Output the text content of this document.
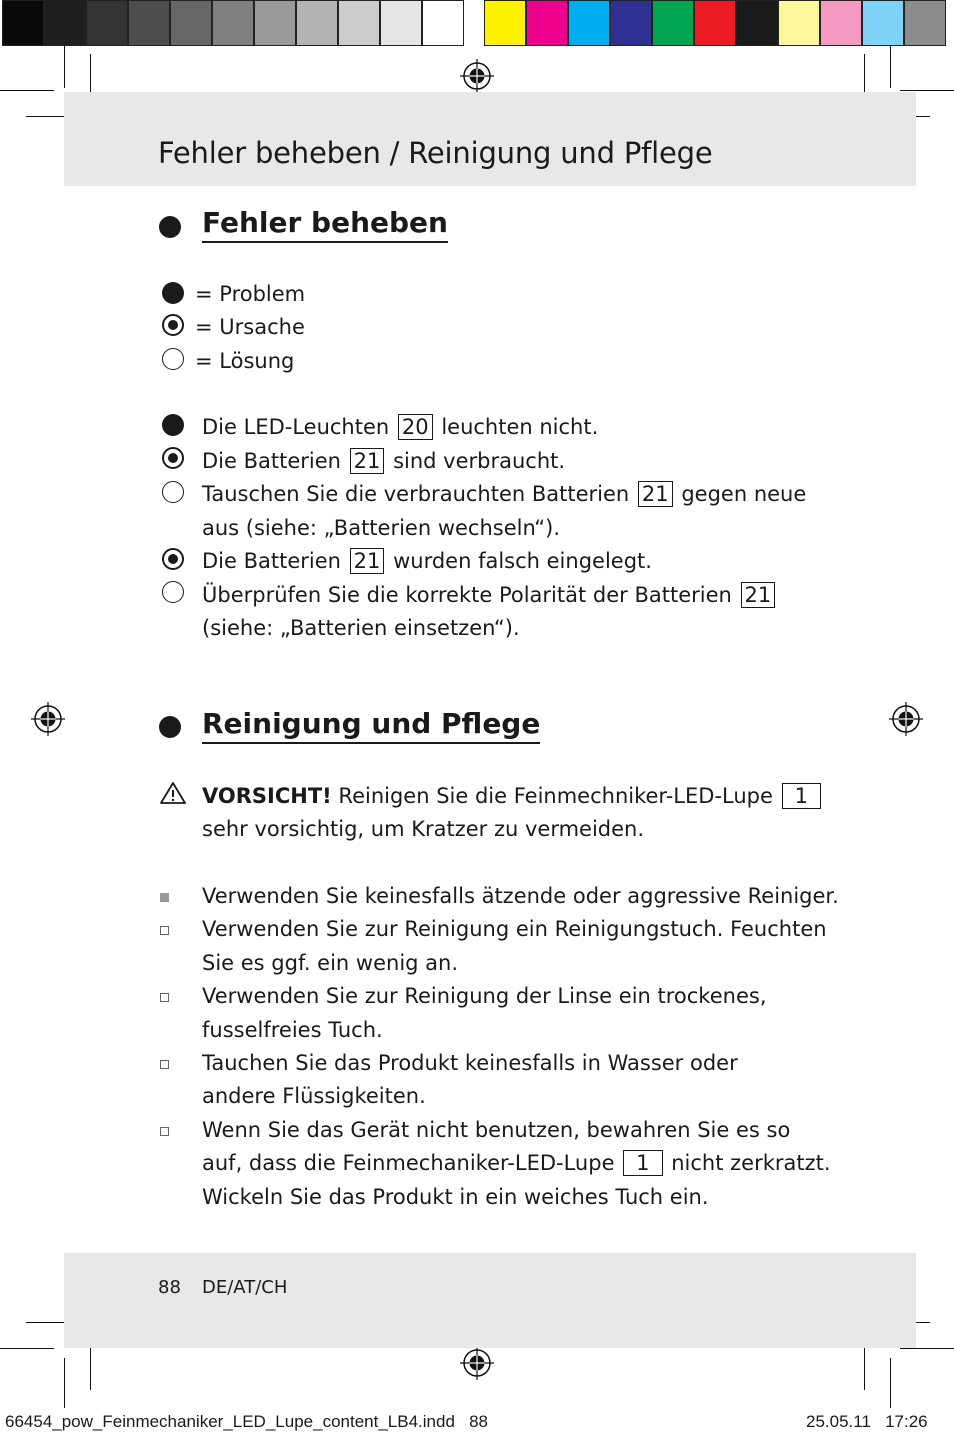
Fehler beheben / Reinigung und Pflege
Fehler beheben
= Problem
= Ursache
= Lösung
Die LED-Leuchten 20 leuchten nicht.
Die Batterien 21 sind verbraucht.
Tauschen Sie die verbrauchten Batterien 21 gegen neue
aus (siehe: „Batterien wechseln“).
Die Batterien 21 wurden falsch eingelegt.
Überprüfen Sie die korrekte Polarität der Batterien 21
(siehe: „Batterien einsetzen“).
Reinigung und Pflege
VORSICHT! Reinigen Sie die Feinmechniker-LED-Lupe 1
sehr vorsichtig, um Kratzer zu vermeiden.
Verwenden Sie keinesfalls ätzende oder aggressive Reiniger.
Verwenden Sie zur Reinigung ein Reinigungstuch. Feuchten
Sie es ggf. ein wenig an.
Verwenden Sie zur Reinigung der Linse ein trockenes,
fusselfreies Tuch.
Tauchen Sie das Produkt keinesfalls in Wasser oder
andere Flüssigkeiten.
Wenn Sie das Gerät nicht benutzen, bewahren Sie es so
auf, dass die Feinmechaniker-LED-Lupe 1 nicht zerkratzt.
Wickeln Sie das Produkt in ein weiches Tuch ein.
88 DE/AT/CH
66454_pow_Feinmechaniker_LED_Lupe_content_LB4.indd   88	25.05.11   17:26
